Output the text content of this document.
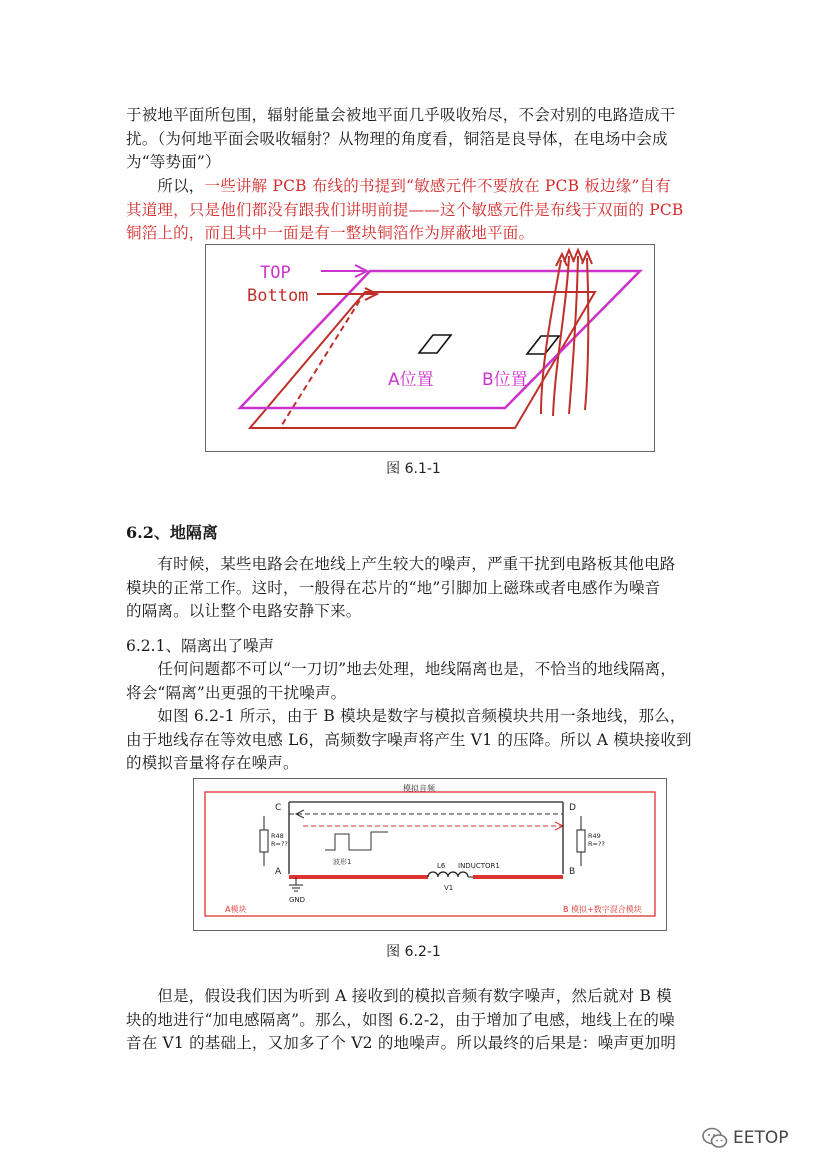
于被地平面所包围，辐射能量会被地平面几乎吸收殆尽，不会对别的电路造成干
扰。（为何地平面会吸收辐射？从物理的角度看，铜箔是良导体，在电场中会成
为“等势面”）
　　所以，一些讲解 PCB 布线的书提到“敏感元件不要放在 PCB 板边缘”自有
其道理，只是他们都没有跟我们讲明前提——这个敏感元件是布线于双面的 PCB
铜箔上的，而且其中一面是有一整块铜箔作为屏蔽地平面。
TOP
Bottom
A位置	B位置
图 6.1-1
6.2、地隔离
　　有时候，某些电路会在地线上产生较大的噪声，严重干扰到电路板其他电路
模块的正常工作。这时，一般得在芯片的“地”引脚加上磁珠或者电感作为噪音
的隔离。以让整个电路安静下来。
6.2.1、隔离出了噪声
　　任何问题都不可以“一刀切”地去处理，地线隔离也是，不恰当的地线隔离，
将会“隔离”出更强的干扰噪声。
　　如图 6.2-1 所示，由于 B 模块是数字与模拟音频模块共用一条地线，那么，
由于地线存在等效电感 L6，高频数字噪声将产生 V1 的压降。所以 A 模块接收到
的模拟音量将存在噪声。
模拟音频
C	D
A	B
R48
R=??
R49
R=??
波形1	L6 INDUCTOR1
V1
GND
A模块	B 模拟+数字混合模块
图 6.2-1
　　但是，假设我们因为听到 A 接收到的模拟音频有数字噪声，然后就对 B 模
块的地进行“加电感隔离”。那么，如图 6.2-2，由于增加了电感，地线上在的噪
音在 V1 的基础上，又加多了个 V2 的地噪声。所以最终的后果是：噪声更加明
EETOP
